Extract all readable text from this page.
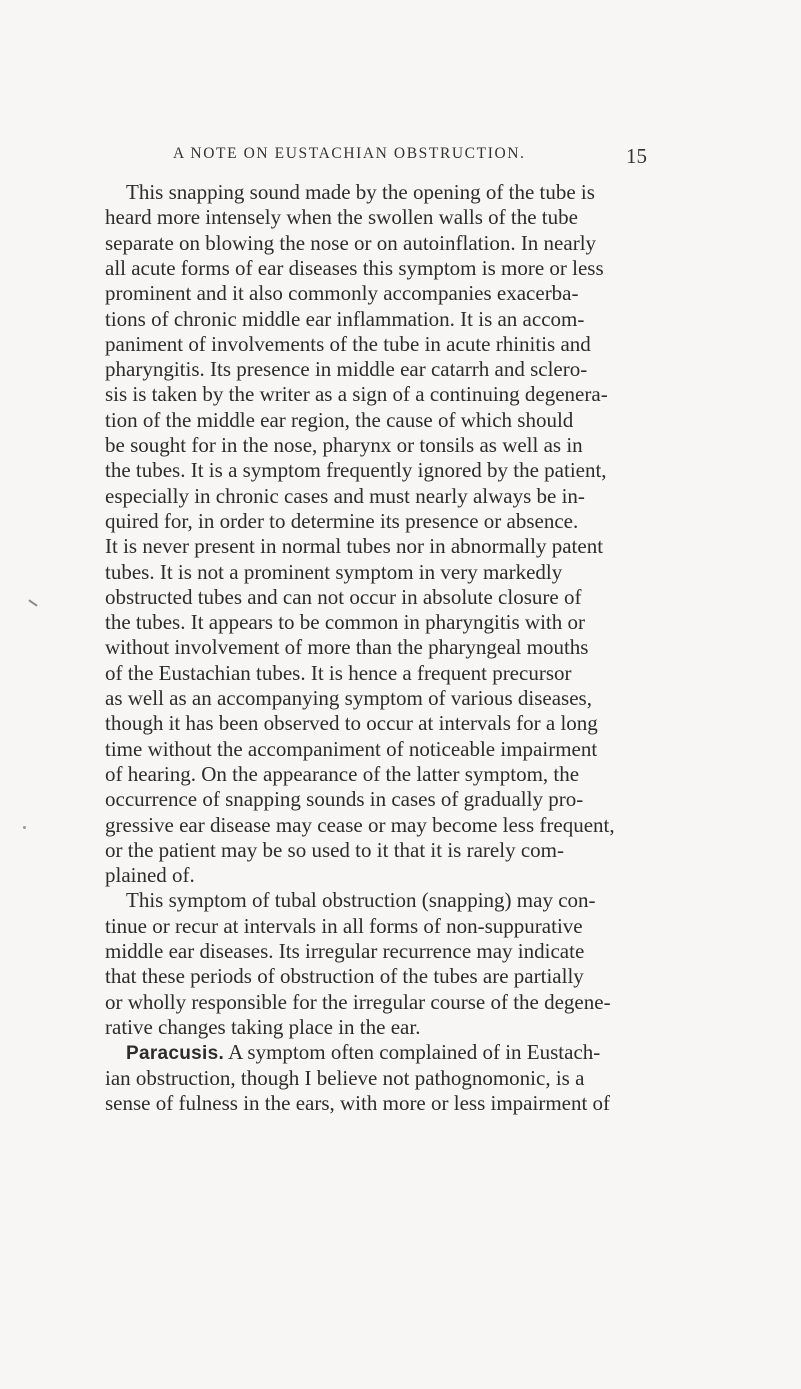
A NOTE ON EUSTACHIAN OBSTRUCTION.	15
This snapping sound made by the opening of the tube is
heard more intensely when the swollen walls of the tube
separate on blowing the nose or on autoinflation. In nearly
all acute forms of ear diseases this symptom is more or less
prominent and it also commonly accompanies exacerba-
tions of chronic middle ear inflammation. It is an accom-
paniment of involvements of the tube in acute rhinitis and
pharyngitis. Its presence in middle ear catarrh and sclero-
sis is taken by the writer as a sign of a continuing degenera-
tion of the middle ear region, the cause of which should
be sought for in the nose, pharynx or tonsils as well as in
the tubes. It is a symptom frequently ignored by the patient,
especially in chronic cases and must nearly always be in-
quired for, in order to determine its presence or absence.
It is never present in normal tubes nor in abnormally patent
tubes. It is not a prominent symptom in very markedly
obstructed tubes and can not occur in absolute closure of
the tubes. It appears to be common in pharyngitis with or
without involvement of more than the pharyngeal mouths
of the Eustachian tubes. It is hence a frequent precursor
as well as an accompanying symptom of various diseases,
though it has been observed to occur at intervals for a long
time without the accompaniment of noticeable impairment
of hearing. On the appearance of the latter symptom, the
occurrence of snapping sounds in cases of gradually pro-
gressive ear disease may cease or may become less frequent,
or the patient may be so used to it that it is rarely com-
plained of.
This symptom of tubal obstruction (snapping) may con-
tinue or recur at intervals in all forms of non-suppurative
middle ear diseases. Its irregular recurrence may indicate
that these periods of obstruction of the tubes are partially
or wholly responsible for the irregular course of the degene-
rative changes taking place in the ear.
Paracusis. A symptom often complained of in Eustach-
ian obstruction, though I believe not pathognomonic, is a
sense of fulness in the ears, with more or less impairment of
